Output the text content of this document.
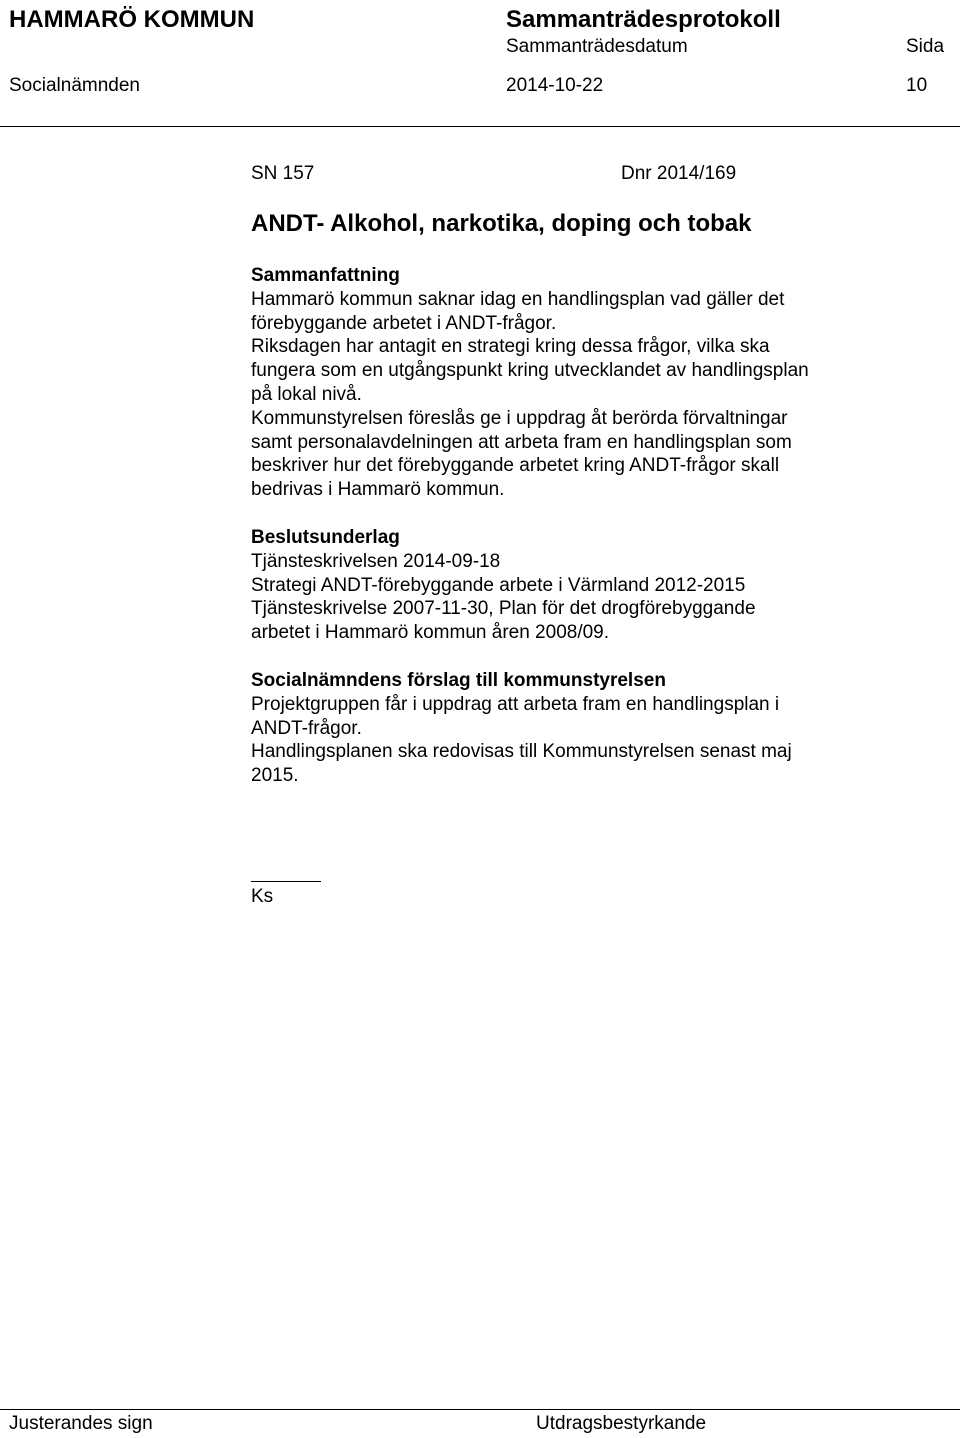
HAMMARÖ KOMMUN	Sammanträdesprotokoll
Sammanträdesdatum	Sida
Socialnämnden	2014-10-22	10
SN 157	Dnr 2014/169

ANDT- Alkohol, narkotika, doping och tobak

Sammanfattning

Hammarö kommun saknar idag en handlingsplan vad gäller det

förebyggande arbetet i ANDT-frågor.

Riksdagen har antagit en strategi kring dessa frågor, vilka ska

fungera som en utgångspunkt kring utvecklandet av handlingsplan

på lokal nivå.

Kommunstyrelsen föreslås ge i uppdrag åt berörda förvaltningar

samt personalavdelningen att arbeta fram en handlingsplan som

beskriver hur det förebyggande arbetet kring ANDT-frågor skall

bedrivas i Hammarö kommun.

Beslutsunderlag

Tjänsteskrivelsen 2014-09-18

Strategi ANDT-förebyggande arbete i Värmland 2012-2015

Tjänsteskrivelse 2007-11-30, Plan för det drogförebyggande

arbetet i Hammarö kommun åren 2008/09.

Socialnämndens förslag till kommunstyrelsen

Projektgruppen får i uppdrag att arbeta fram en handlingsplan i

ANDT-frågor.

Handlingsplanen ska redovisas till Kommunstyrelsen senast maj

2015.

Ks
Justerandes sign	Utdragsbestyrkande
